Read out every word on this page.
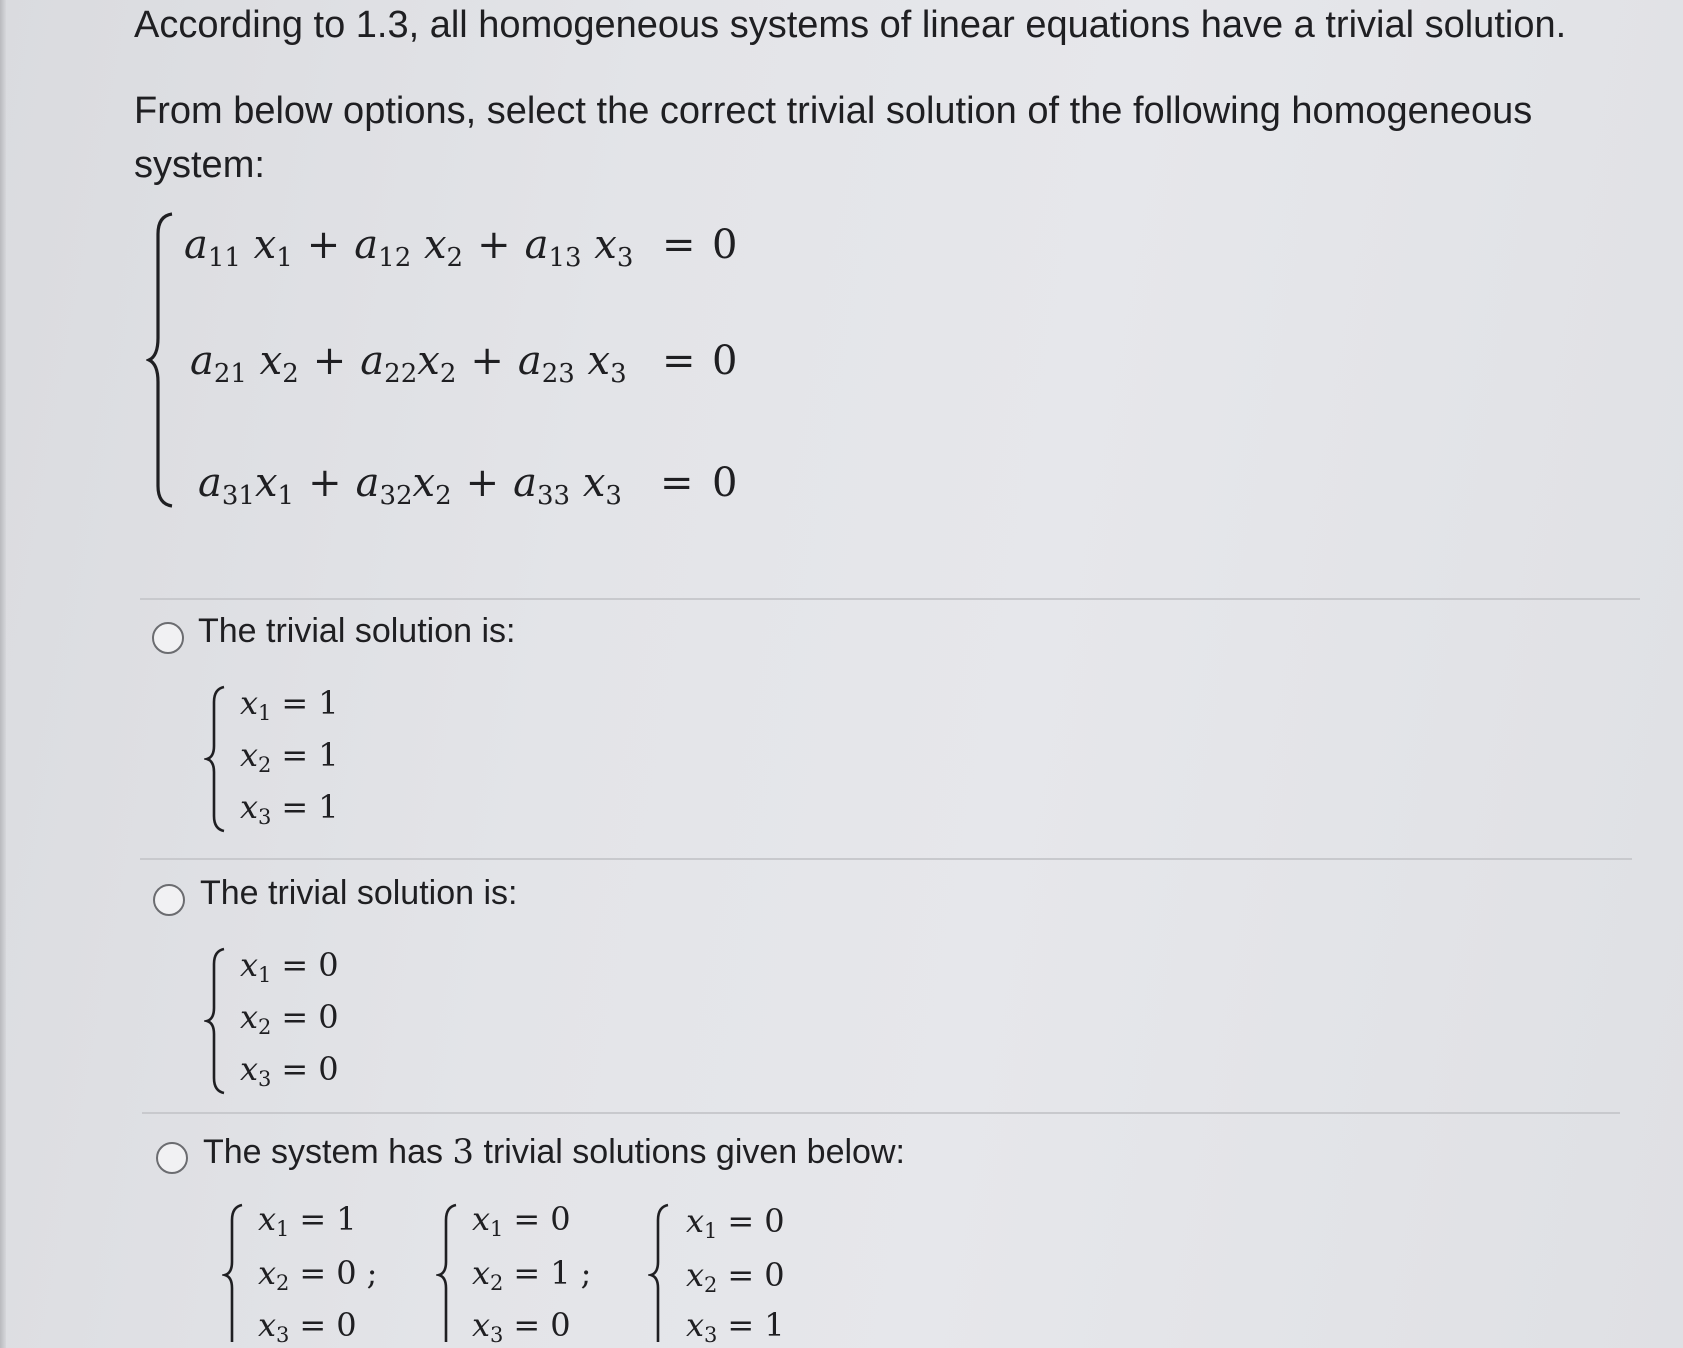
According to 1.3, all homogeneous systems of linear equations have a trivial solution.

From below options, select the correct trivial solution of the following homogeneous system:

$a_{11}$ $x_1 + a_{12}$ $x_2 + a_{13}$ $x_3 = 0$
$a_{21}$ $x_2 + a_{22}x_2 + a_{23}$ $x_3 = 0$
$a_{31}x_1 + a_{32}x_2 + a_{33}$ $x_3 = 0$
The trivial solution is:
$x_1 = 1$
$x_2 = 1$
$x_3 = 1$
The trivial solution is:
$x_1 = 0$
$x_2 = 0$
$x_3 = 0$
The system has 3 trivial solutions given below:
$x_1 = 1$
$x_2 = 0$ ;
$x_3 = 0$
$x_1 = 0$
$x_2 = 1$ ;
$x_3 = 0$
$x_1 = 0$
$x_2 = 0$
$x_3 = 1$
